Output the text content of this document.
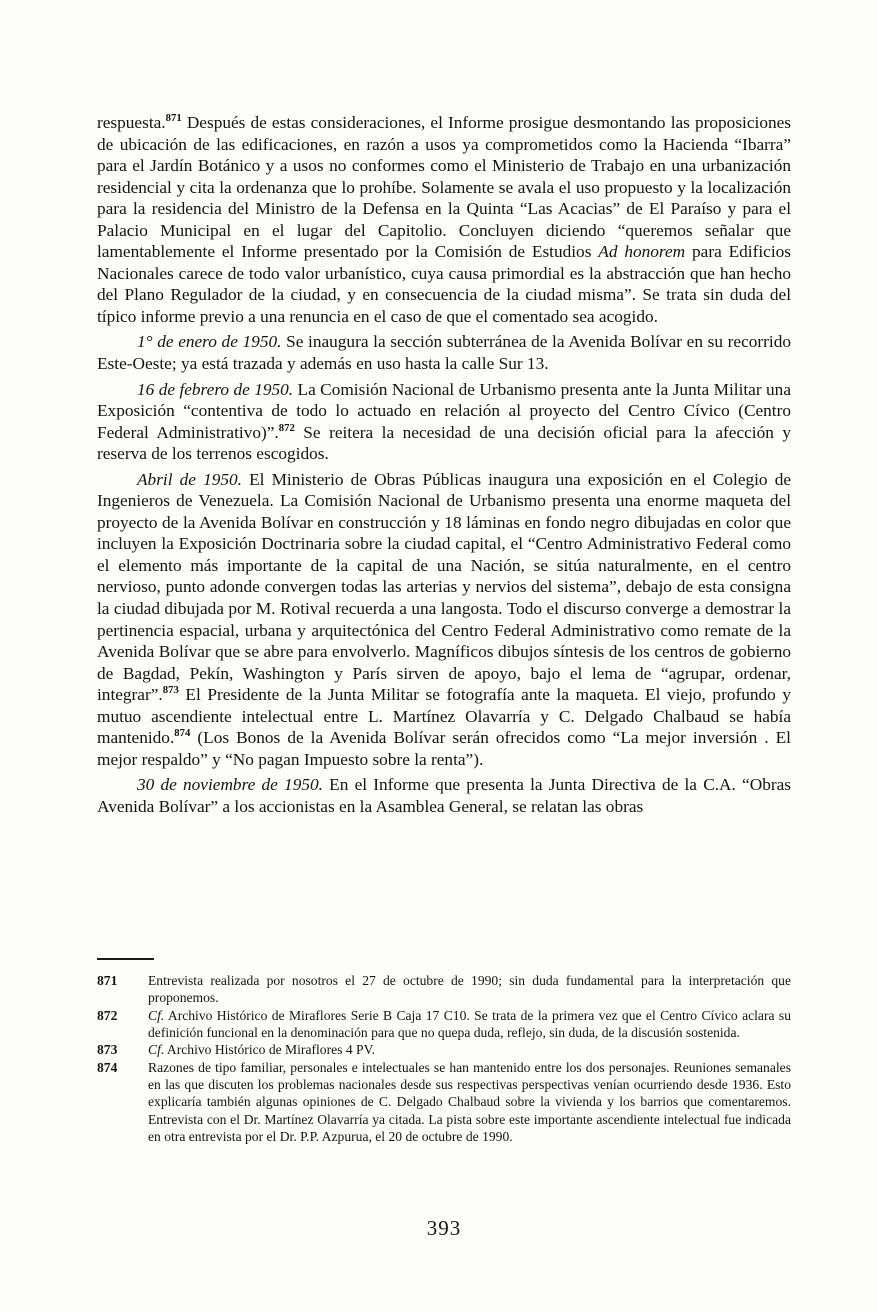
respuesta.$^{871}$ Después de estas consideraciones, el Informe prosigue desmontando las proposiciones de ubicación de las edificaciones, en razón a usos ya comprometidos como la Hacienda “Ibarra” para el Jardín Botánico y a usos no conformes como el Ministerio de Trabajo en una urbanización residencial y cita la ordenanza que lo prohíbe. Solamente se avala el uso propuesto y la localización para la residencia del Ministro de la Defensa en la Quinta “Las Acacias” de El Paraíso y para el Palacio Municipal en el lugar del Capitolio. Concluyen diciendo “queremos señalar que lamentablemente el Informe presentado por la Comisión de Estudios Ad honorem para Edificios Nacionales carece de todo valor urbanístico, cuya causa primordial es la abstracción que han hecho del Plano Regulador de la ciudad, y en consecuencia de la ciudad misma”. Se trata sin duda del típico informe previo a una renuncia en el caso de que el comentado sea acogido.

1° de enero de 1950. Se inaugura la sección subterránea de la Avenida Bolívar en su recorrido Este-Oeste; ya está trazada y además en uso hasta la calle Sur 13.

16 de febrero de 1950. La Comisión Nacional de Urbanismo presenta ante la Junta Militar una Exposición “contentiva de todo lo actuado en relación al proyecto del Centro Cívico (Centro Federal Administrativo)”.$^{872}$ Se reitera la necesidad de una decisión oficial para la afección y reserva de los terrenos escogidos.

Abril de 1950. El Ministerio de Obras Públicas inaugura una exposición en el Colegio de Ingenieros de Venezuela. La Comisión Nacional de Urbanismo presenta una enorme maqueta del proyecto de la Avenida Bolívar en construcción y 18 láminas en fondo negro dibujadas en color que incluyen la Exposición Doctrinaria sobre la ciudad capital, el “Centro Administrativo Federal como el elemento más importante de la capital de una Nación, se sitúa naturalmente, en el centro nervioso, punto adonde convergen todas las arterias y nervios del sistema”, debajo de esta consigna la ciudad dibujada por M. Rotival recuerda a una langosta. Todo el discurso converge a demostrar la pertinencia espacial, urbana y arquitectónica del Centro Federal Administrativo como remate de la Avenida Bolívar que se abre para envolverlo. Magníficos dibujos síntesis de los centros de gobierno de Bagdad, Pekín, Washington y París sirven de apoyo, bajo el lema de “agrupar, ordenar, integrar”.$^{873}$ El Presidente de la Junta Militar se fotografía ante la maqueta. El viejo, profundo y mutuo ascendiente intelectual entre L. Martínez Olavarría y C. Delgado Chalbaud se había mantenido.$^{874}$ (Los Bonos de la Avenida Bolívar serán ofrecidos como “La mejor inversión . El mejor respaldo” y “No pagan Impuesto sobre la renta”).

30 de noviembre de 1950. En el Informe que presenta la Junta Directiva de la C.A. “Obras Avenida Bolívar” a los accionistas en la Asamblea General, se relatan las obras

871 Entrevista realizada por nosotros el 27 de octubre de 1990; sin duda fundamental para la interpretación que proponemos.
872 Cf. Archivo Histórico de Miraflores Serie B Caja 17 C10. Se trata de la primera vez que el Centro Cívico aclara su definición funcional en la denominación para que no quepa duda, reflejo, sin duda, de la discusión sostenida.
873 Cf. Archivo Histórico de Miraflores 4 PV.
874 Razones de tipo familiar, personales e intelectuales se han mantenido entre los dos personajes. Reuniones semanales en las que discuten los problemas nacionales desde sus respectivas perspectivas venían ocurriendo desde 1936. Esto explicaría también algunas opiniones de C. Delgado Chalbaud sobre la vivienda y los barrios que comentaremos. Entrevista con el Dr. Martínez Olavarría ya citada. La pista sobre este importante ascendiente intelectual fue indicada en otra entrevista por el Dr. P.P. Azpurua, el 20 de octubre de 1990.
393
